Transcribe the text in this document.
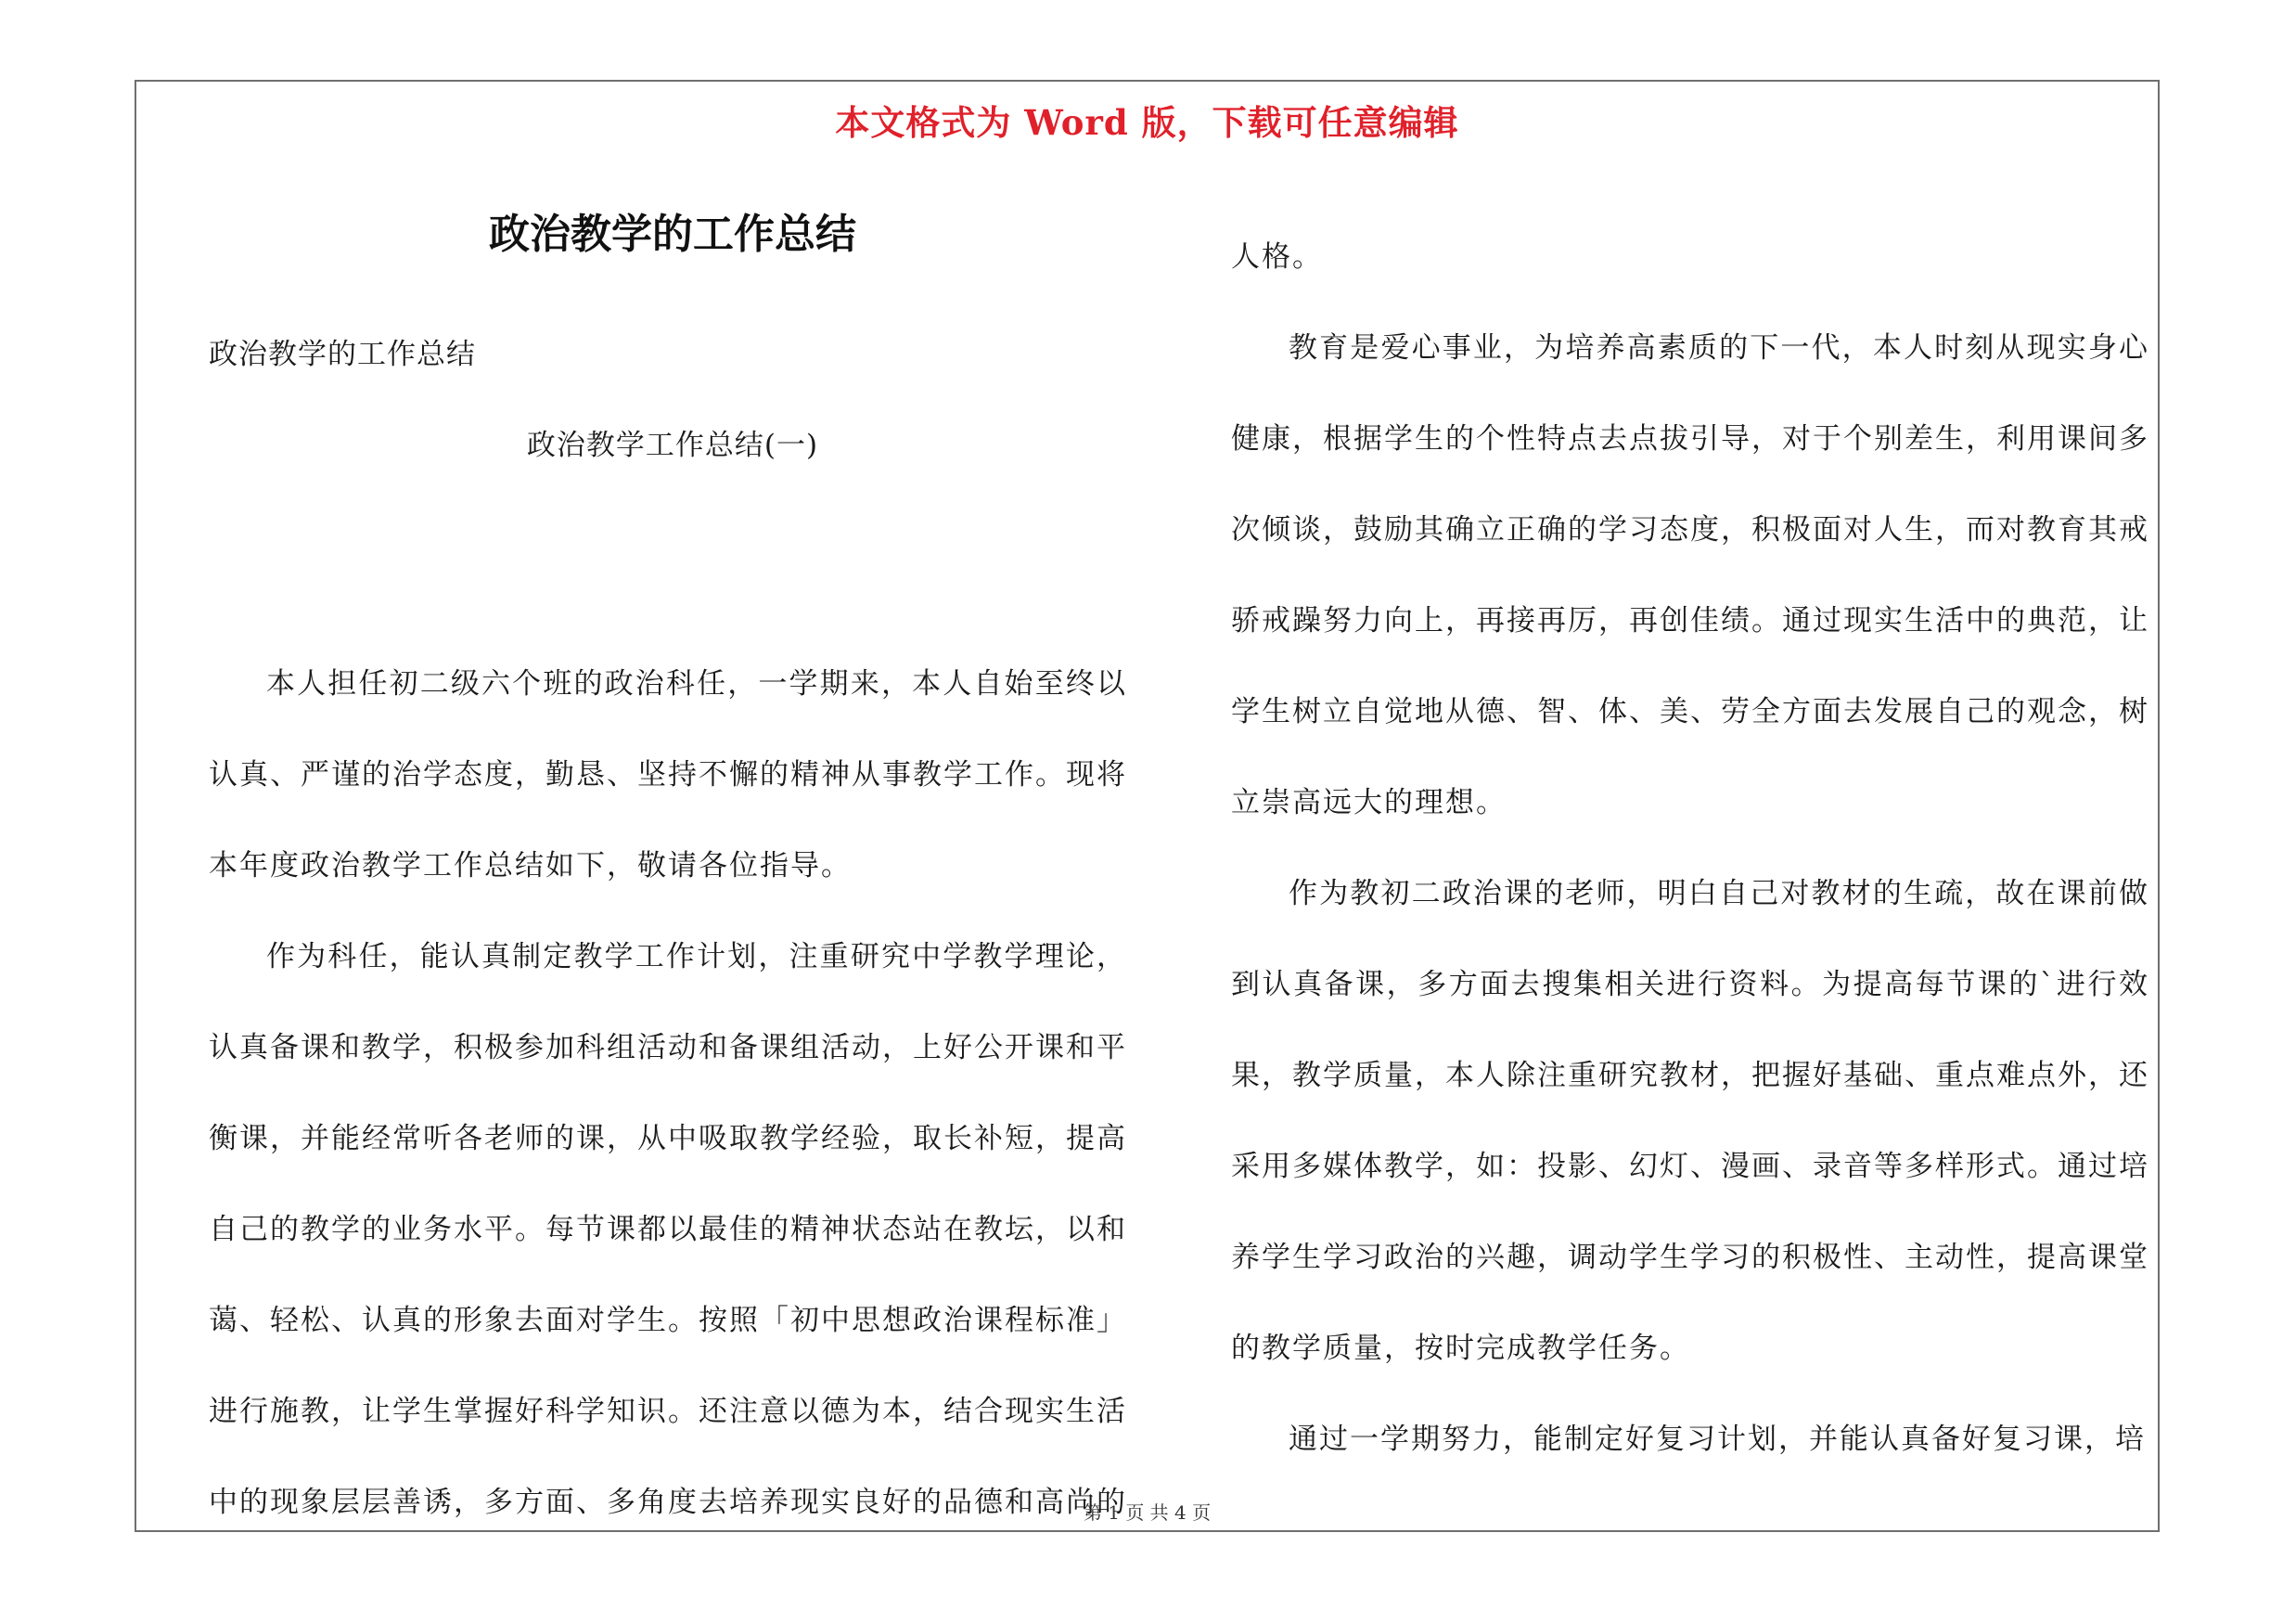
本文格式为 Word 版，下载可任意编辑
政治教学的工作总结
政治教学的工作总结
政治教学工作总结(一)

本人担任初二级六个班的政治科任，一学期来，本人自始至终以认真、严谨的治学态度，勤恳、坚持不懈的精神从事教学工作。现将本年度政治教学工作总结如下，敬请各位指导。

作为科任，能认真制定教学工作计划，注重研究中学教学理论，认真备课和教学，积极参加科组活动和备课组活动，上好公开课和平衡课，并能经常听各老师的课，从中吸取教学经验，取长补短，提高自己的教学的业务水平。每节课都以最佳的精神状态站在教坛，以和蔼、轻松、认真的形象去面对学生。按照「初中思想政治课程标准」进行施教，让学生掌握好科学知识。还注意以德为本，结合现实生活中的现象层层善诱，多方面、多角度去培养现实良好的品德和高尚的

人格。

教育是爱心事业，为培养高素质的下一代，本人时刻从现实身心健康，根据学生的个性特点去点拔引导，对于个别差生，利用课间多次倾谈，鼓励其确立正确的学习态度，积极面对人生，而对教育其戒骄戒躁努力向上，再接再厉，再创佳绩。通过现实生活中的典范，让学生树立自觉地从德、智、体、美、劳全方面去发展自己的观念，树立崇高远大的理想。

作为教初二政治课的老师，明白自己对教材的生疏，故在课前做到认真备课，多方面去搜集相关进行资料。为提高每节课的`进行效果，教学质量，本人除注重研究教材，把握好基础、重点难点外，还采用多媒体教学，如：投影、幻灯、漫画、录音等多样形式。通过培养学生学习政治的兴趣，调动学生学习的积极性、主动性，提高课堂的教学质量，按时完成教学任务。

通过一学期努力，能制定好复习计划，并能认真备好复习课，培

第 1 页 共 4 页
